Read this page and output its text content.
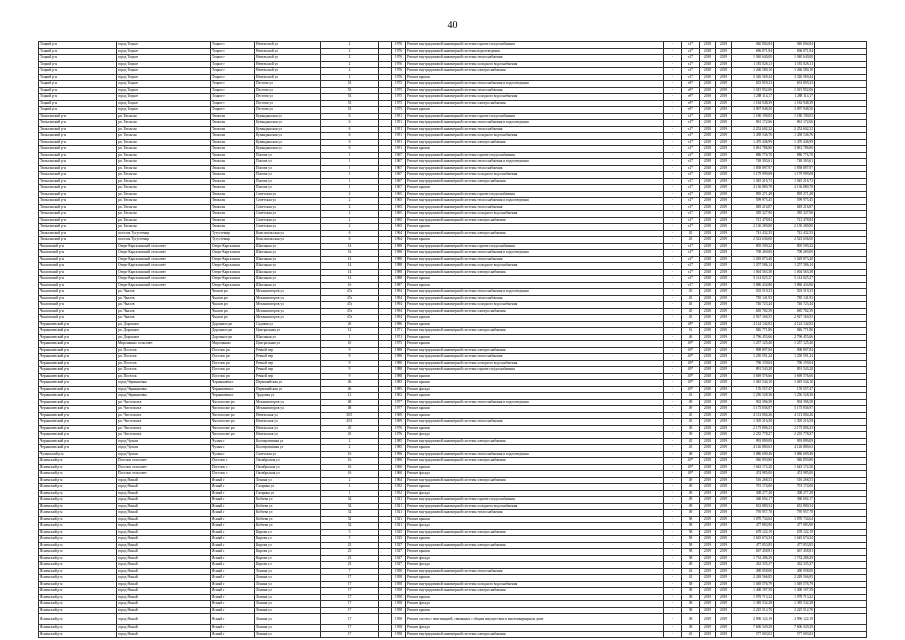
40
Тоцкий р-н	город Тоцкое	Тоцкое г	Невельской ул	2		1976	Ремонт внутридомовой инженерной системы горячего водоснабжения	-	т2*	2018	2019	940 804,84	940 804,84	
Тоцкий р-н	город Тоцкое	Тоцкое г	Невельской ул	2		1976	Ремонт внутридомовой инженерной системы водоотведения	-	т2*	2018	2019	696 071,94	696 071,94	
Тоцкий р-н	город Тоцкое	Тоцкое г	Невельской ул	2		1976	Ремонт внутридомовой инженерной системы теплоснабжения	-	т2*	2018	2019	1 940 640,00	1 940 640,00	
Тоцкий р-н	город Тоцкое	Тоцкое г	Невельской ул	2		1976	Ремонт внутридомовой инженерной системы холодного водоснабжения	-	т2*	2018	2019	1 181 026,11	1 181 026,11	
Тоцкий р-н	город Тоцкое	Тоцкое г	Невельской ул	2		1976	Ремонт внутридомовой инженерной системы электроснабжения	-	т2*	2018	2019	1 266 580,10	1 266 580,10	
Тоцкий р-н	город Тоцкое	Тоцкое г	Невельской ул	2		1976	Ремонт крыши	-	т2*	2018	2019	3 326 569,44	3 326 569,44	
Тоцкий р-н	город Тоцкое	Тоцкое г	Пестова ул	53		1975	Ремонт внутридомовой инженерной системы теплоснабжения и водоотведения	-	т8*	2018	2019	653 859,23	653 859,23	
Тоцкий р-н	город Тоцкое	Тоцкое г	Пестова ул	53		1975	Ремонт внутридомовой инженерной системы теплоснабжения	-	т8*	2018	2019	1 015 952,06	1 015 952,06	
Тоцкий р-н	город Тоцкое	Тоцкое г	Пестова ул	53		1975	Ремонт внутридомовой инженерной системы холодного водоснабжения	-	т8*	2018	2019	1 288 114,17	1 288 114,17	
Тоцкий р-н	город Тоцкое	Тоцкое г	Пестова ул	53		1975	Ремонт внутридомовой инженерной системы электроснабжения	-	т8*	2018	2019	1 184 948,39	1 184 948,39	
Тоцкий р-н	город Тоцкое	Тоцкое г	Пестова ул	53		1975	Ремонт крыши	-	т8*	2018	2019	3 097 948,50	3 097 948,50	
Тюльганский р-н	рп. Тюльган	Тюльган	Кувандыкская ул	6		1951	Ремонт внутридомовой инженерной системы горячего водоснабжения	-	т2*	2018	2019	1 180 190,03	1 180 190,03	
Тюльганский р-н	рп. Тюльган	Тюльган	Кувандыкская ул	6		1951	Ремонт внутридомовой инженерной системы теплоснабжения и водоотведения	-	т2*	2018	2019	861 172,66	861 172,66	
Тюльганский р-н	рп. Тюльган	Тюльган	Кувандыкская ул	6		1951	Ремонт внутридомовой инженерной системы теплоснабжения	-	т2*	2018	2019	2 252 602,32	2 252 602,32	
Тюльганский р-н	рп. Тюльган	Тюльган	Кувандыкская ул	6		1951	Ремонт внутридомовой инженерной системы холодного водоснабжения	-	т2*	2018	2019	1 458 546,76	1 458 546,76	
Тюльганский р-н	рп. Тюльган	Тюльган	Кувандыкская ул	6		1951	Ремонт внутридомовой инженерной системы электроснабжения	-	т2*	2018	2019	1 470 446,99	1 470 446,99	
Тюльганский р-н	рп. Тюльган	Тюльган	Кувандыкская ул	6		1951	Ремонт крыши	-	т2*	2018	2019	3 861 786,80	3 861 786,80	
Тюльганский р-н	рп. Тюльган	Тюльган	Попова ул	1		1967	Ремонт внутридомовой инженерной системы горячего водоснабжения	-	т2*	2018	2019	886 776,70	886 776,70	
Тюльганский р-н	рп. Тюльган	Тюльган	Попова ул	1		1967	Ремонт внутридомовой инженерной системы теплоснабжения и водоотведения	-	т2*	2018	2019	748 303,61	748 303,61	
Тюльганский р-н	рп. Тюльган	Тюльган	Попова ул	1		1967	Ремонт внутридомовой инженерной системы теплоснабжения	-	т2*	2018	2019	1 858 897,97	1 858 897,97	
Тюльганский р-н	рп. Тюльган	Тюльган	Попова ул	1		1967	Ремонт внутридомовой инженерной системы холодного водоснабжения	-	т2*	2018	2019	1 179 999,08	1 179 999,08	
Тюльганский р-н	рп. Тюльган	Тюльган	Попова ул	1		1967	Ремонт внутридомовой инженерной системы электроснабжения	-	т2*	2018	2019	1 045 216,73	1 045 216,73	
Тюльганский р-н	рп. Тюльган	Тюльган	Попова ул	1		1967	Ремонт крыши	-	т2*	2018	2019	4 136 880,78	4 136 880,78	
Тюльганский р-н	рп. Тюльган	Тюльган	Советская ул	2		1965	Ремонт внутридомовой инженерной системы горячего водоснабжения	-	т2*	2018	2019	895 271,48	895 271,48	
Тюльганский р-н	рп. Тюльган	Тюльган	Советская ул	2		1965	Ремонт внутридомовой инженерной системы теплоснабжения и водоотведения	-	т2*	2018	2019	599 975,45	599 975,45	
Тюльганский р-н	рп. Тюльган	Тюльган	Советская ул	2		1965	Ремонт внутридомовой инженерной системы теплоснабжения	-	т2*	2018	2019	849 216,87	849 216,87	
Тюльганский р-н	рп. Тюльган	Тюльган	Советская ул	2		1965	Ремонт внутридомовой инженерной системы холодного водоснабжения	-	т2*	2018	2019	585 327,90	585 327,90	
Тюльганский р-н	рп. Тюльган	Тюльган	Советская ул	2		1965	Ремонт внутридомовой инженерной системы электроснабжения	-	т2*	2018	2019	721 478,84	721 478,84	
Тюльганский р-н	рп. Тюльган	Тюльган	Советская ул	2		1965	Ремонт крыши	-	т2*	2018	2019	2 130 280,80	2 130 280,80	
Тюльганский р-н	поселок Тугустемир	Тугустемир	Комсомольская ул	6		1964	Ремонт внутридомовой инженерной системы электроснабжения	-	45	2018	2019	741 432,35	741 432,35	
Тюльганский р-н	поселок Тугустемир	Тугустемир	Комсомольская ул	6		1964	Ремонт крыши	-	45	2018	2019	2 523 636,00	2 523 636,00	
Чкаловский р-н	Озеро-Каргалинский сельсовет	Озеро-Каргалинск	Школьная ул	14		1988	Ремонт внутридомовой инженерной системы горячего водоснабжения	-	т2*	2018	2019	805 509,22	805 509,22	
Чкаловский р-н	Озеро-Каргалинский сельсовет	Озеро-Каргалинск	Школьная ул	14		1988	Ремонт внутридомовой инженерной системы теплоснабжения и водоотведения	-	т2*	2018	2019	708 269,00	708 269,00	
Чкаловский р-н	Озеро-Каргалинский сельсовет	Озеро-Каргалинск	Школьная ул	14		1988	Ремонт внутридомовой инженерной системы теплоснабжения	-	т2*	2018	2019	1 029 873,40	1 029 873,40	
Чкаловский р-н	Озеро-Каргалинский сельсовет	Озеро-Каргалинск	Школьная ул	14		1988	Ремонт внутридомовой инженерной системы холодного водоснабжения	-	т2*	2018	2019	1 257 586,14	1 257 586,14	
Чкаловский р-н	Озеро-Каргалинский сельсовет	Озеро-Каргалинск	Школьная ул	14		1988	Ремонт внутридомовой инженерной системы электроснабжения	-	т2*	2018	2019	1 004 563,38	1 004 563,38	
Чкаловский р-н	Озеро-Каргалинский сельсовет	Озеро-Каргалинск	Школьная ул	14		1988	Ремонт крыши	-	т2*	2018	2019	5 114 025,27	5 114 025,27	
Чкаловский р-н	Озеро-Каргалинский сельсовет	Озеро-Каргалинск	Школьная ул	16		1987	Ремонт крыши	-	т2*	2018	2019	3 886 434,86	3 886 434,86	
Чкаловский р-н	рп. Чкалов	Чкалов рп	Механизаторов ул	47а		1994	Ремонт внутридомовой инженерной системы теплоснабжения и водоотведения	-	45	2018	2019	503 519,33	503 519,33	
Чкаловский р-н	рп. Чкалов	Чкалов рп	Механизаторов ул	47а		1994	Ремонт внутридомовой инженерной системы теплоснабжения	-	45	2018	2019	785 141,93	785 141,93	
Чкаловский р-н	рп. Чкалов	Чкалов рп	Механизаторов ул	47а		1994	Ремонт внутридомовой инженерной системы холодного водоснабжения	-	45	2018	2019	746 723,44	746 723,44	
Чкаловский р-н	рп. Чкалов	Чкалов рп	Механизаторов ул	47а		1994	Ремонт внутридомовой инженерной системы электроснабжения	-	45	2018	2019	685 782,39	685 782,39	
Чкаловский р-н	рп. Чкалов	Чкалов рп	Механизаторов ул	47а		1994	Ремонт крыши	-	45	2018	2019	2 927 160,55	2 927 160,55	
Чернышевский р-н	рп. Дорожное	Дорожное рп	Садовая ул	26		1986	Ремонт крыши	-	48*	2018	2019	4 124 142,82	4 124 142,82	
Чернышевский р-н	рп. Дорожное	Дорожное рп	Центральная ул	12		1971	Ремонт внутридомовой инженерной системы электроснабжения	-	16	2018	2019	846 771,86	846 771,86	
Чернышевский р-н	рп. Дорожное	Дорожное рп	Школьная ул	1		1971	Ремонт крыши	-	46	2018	2019	2 796 455,66	2 796 455,66	
Чернышевский р-н	Мирошкино сельсовет	Мирошкино	Центральная ул	10		1975	Ремонт крыши	-	49*	2018	2019	1 257 125,40	1 257 125,40	
Чернышевский р-н	рп. Поселок	Поселок рп	Речной пер	9		1988	Ремонт внутридомовой инженерной системы электроснабжения	-	49*	2018	2019	908 897,84	908 897,84	
Чернышевский р-н	рп. Поселок	Поселок рп	Речной пер	9		1988	Ремонт внутридомовой инженерной системы теплоснабжения	-	49*	2018	2019	1 250 591,24	1 250 591,24	
Чернышевский р-н	рп. Поселок	Поселок рп	Речной пер	9		1988	Ремонт внутридомовой инженерной системы холодного водоснабжения	-	49*	2018	2019	796 159,04	796 159,04	
Чернышевский р-н	рп. Поселок	Поселок рп	Речной пер	9		1988	Ремонт внутридомовой инженерной системы горячего водоснабжения	-	49*	2018	2019	891 543,20	891 543,20	
Чернышевский р-н	рп. Поселок	Поселок рп	Речной пер	9		1988	Ремонт крыши	-	49*	2018	2019	3 669 576,66	3 669 576,66	
Чернышевский р-н	город Чернышевка	Чернышевка г	Первомайская ул	46		1985	Ремонт крыши	-	49*	2018	2019	1 045 544,10	1 045 544,10	
Чернышевский р-н	город Чернышевка	Чернышевка г	Первомайская ул	46		1985	Ремонт фасада	-	49*	2018	2019	176 557,47	176 557,47	
Чернышевский р-н	город Чернышевка	Чернышевка г	Трудовая ул	12		1962	Ремонт крыши	-	43	2018	2019	1 256 528,36	1 256 528,36	
Чернышевский р-н	рп. Чистополье	Чистополье рп	Механизаторов ул	48		1977	Ремонт внутридомовой инженерной системы теплоснабжения и водоотведения	-	49	2018	2019	902 396,58	902 396,58	
Чернышевский р-н	рп. Чистополье	Чистополье рп	Механизаторов ул	48		1977	Ремонт крыши	-	49	2018	2019	3 175 836,97	3 175 836,97	
Чернышевский р-н	рп. Чистополье	Чистополье рп	Невельская ул	30/1		1969	Ремонт крыши	-	45	2018	2019	4 113 004,26	4 113 004,26	
Чернышевский р-н	рп. Чистополье	Чистополье рп	Невельская ул	45/1		1969	Ремонт внутридомовой инженерной системы теплоснабжения	-	45	2018	2019	1 305 216,58	1 305 216,58	
Чернышевский р-н	рп. Чистополье	Чистополье рп	Невельская ул	45		1976	Ремонт крыши	-	39	2018	2019	2 175 806,23	2 175 806,23	
Чернышевский р-н	рп. Чистополье	Чистополье рп	Невельская ул	45		1976	Ремонт фасада	-	39	2018	2019	2 235 778,27	2 235 778,27	
Чернышевский р-н	город Чулым	Чулым г	Кооперативная ул	2		1985	Ремонт внутридомовой инженерной системы электроснабжения	-	45	2018	2019	993 899,09	993 899,09	
Чернышевский р-н	город Чулым	Чулым г	Кооперативная ул	2		1985	Ремонт крыши	-	45	2018	2019	4 126 880,63	4 126 880,63	
Чулымский р-н	город Чулым	Чулым г	Советская ул	16		1996	Ремонт внутридомовой инженерной системы теплоснабжения и водоотведения	-	48	2018	2019	3 886 609,46	3 886 609,46	
Ясненский р-н	Поселок сельсовет	Поселок с	Октябрьская ул	16		1960	Ремонт внутридомовой инженерной системы электроснабжения	-	49*	2018	2019	946 850,80	946 850,80	
Ясненский р-н	Поселок сельсовет	Поселок с	Октябрьская ул	16		1960	Ремонт крыши	-	49*	2018	2019	1 643 172,20	1 643 172,20	
Ясненский р-н	Поселок сельсовет	Поселок с	Октябрьская ул	16		1960	Ремонт фасада	-	49*	2018	2019	474 985,00	474 985,00	
Ясненский р-н	город Ясный	Ясный г	Ленина ул	2		1964	Ремонт внутридомовой инженерной системы электроснабжения	-	49	2019	2019	516 268,53	516 268,53	
Ясненский р-н	город Ясный	Ясный г	Гагарина ул	1		1952	Ремонт крыши	-	49	2019	2019	701 174,00	701 174,00	
Ясненский р-н	город Ясный	Ясный г	Гагарина ул	1		1952	Ремонт фасада	-	49	2019	2019	308 277,28	308 277,28	
Ясненский р-н	город Ясный	Ясный г	Кобзева ул	32		1921	Ремонт внутридомовой инженерной системы горячего водоснабжения	-	49	2019	2019	360 692,17	360 692,17	
Ясненский р-н	город Ясный	Ясный г	Кобзева ул	32		1921	Ремонт внутридомовой инженерной системы холодного водоснабжения	-	49	2019	2019	652 880,54	652 880,54	
Ясненский р-н	город Ясный	Ясный г	Кобзева ул	32		1921	Ремонт внутридомовой инженерной системы теплоснабжения	-	49	2019	2019	795 957,78	795 957,78	
Ясненский р-н	город Ясный	Ясный г	Кобзева ул	32		1921	Ремонт крыши	-	58	2019	2019	1 870 734,64	1 870 734,64	
Ясненский р-н	город Ясный	Ясный г	Кобзева ул	32		1921	Ремонт фасада	-	58	2019	2019	477 883,90	477 883,90	
Ясненский р-н	город Ясный	Ясный г	Кирова ул	5		1925	Ремонт внутридомовой инженерной системы электроснабжения	-	58	2019	2019	678 122,19	678 122,19	
Ясненский р-н	город Ясный	Ясный г	Кирова ул	5		1925	Ремонт крыши	-	58	2019	2019	1 645 674,34	1 645 674,34	
Ясненский р-н	город Ясный	Ясный г	Кирова ул	23		1927	Ремонт внутридомовой инженерной системы электроснабжения	-	58	2019	2019	477 853,85	477 853,85	
Ясненский р-н	город Ясный	Ясный г	Кирова ул	23		1927	Ремонт крыши	-	58	2019	2019	667 458,81	667 458,81	
Ясненский р-н	город Ясный	Ясный г	Кирова ул	23		1927	Ремонт фасада	-	58	2019	2019	1 732 286,29	1 732 286,29	
Ясненский р-н	город Ясный	Ясный г	Кирова ул	23		1927	Ремонт фасада	-	49	2019	2019	432 335,37	432 335,37	
Ясненский р-н	город Ясный	Ясный г	Ленина ул	7		1958	Ремонт внутридомовой инженерной системы теплоснабжения	-	43	2019	2019	490 058,00	490 058,00	
Ясненский р-н	город Ясный	Ясный г	Ленина ул	17		1958	Ремонт крыши	-	43	2019	2019	2 249 566,85	2 249 566,85	
Ясненский р-н	город Ясный	Ясный г	Ленина ул	17		1958	Ремонт внутридомовой инженерной системы холодного водоснабжения	-	38	2019	2019	1 049 576,79	1 049 576,79	
Ясненский р-н	город Ясный	Ясный г	Ленина ул	17		1958	Ремонт внутридомовой инженерной системы электроснабжения	-	38	2019	2019	1 400 197,58	1 400 197,58	
Ясненский р-н	город Ясный	Ясный г	Ленина ул	17		1958	Ремонт крыши	-	38	2019	2019	1 978 713,22	1 978 713,22	
Ясненский р-н	город Ясный	Ясный г	Ленина ул	17		1958	Ремонт фасада	-	38	2019	2019	1 385 532,28	1 385 532,28	
Ясненский р-н	город Ясный	Ясный г	Ленина ул	17		1958	Ремонт крыши	-	38	2019	2019	2 225 512,76	2 225 512,76	
Ясненский р-н	город Ясный	Ясный г	Ленина ул	17		1958	Ремонт систем с вентиляцией, связанных с общим имуществом в многоквартирном доме	-	38	2019	2019	2 996 122,19	2 996 122,19	
Ясненский р-н	город Ясный	Ясный г	Ленина ул	17		1958	Ремонт фасада	-	38	2019	2019	7 606 529,29	7 606 529,29	
Ясненский р-н	город Ясный	Ясный г	Ленина ул	17		1958	Ремонт внутридомовой инженерной системы электроснабжения	-	43	2019	2019	577 003,02	577 003,02	
